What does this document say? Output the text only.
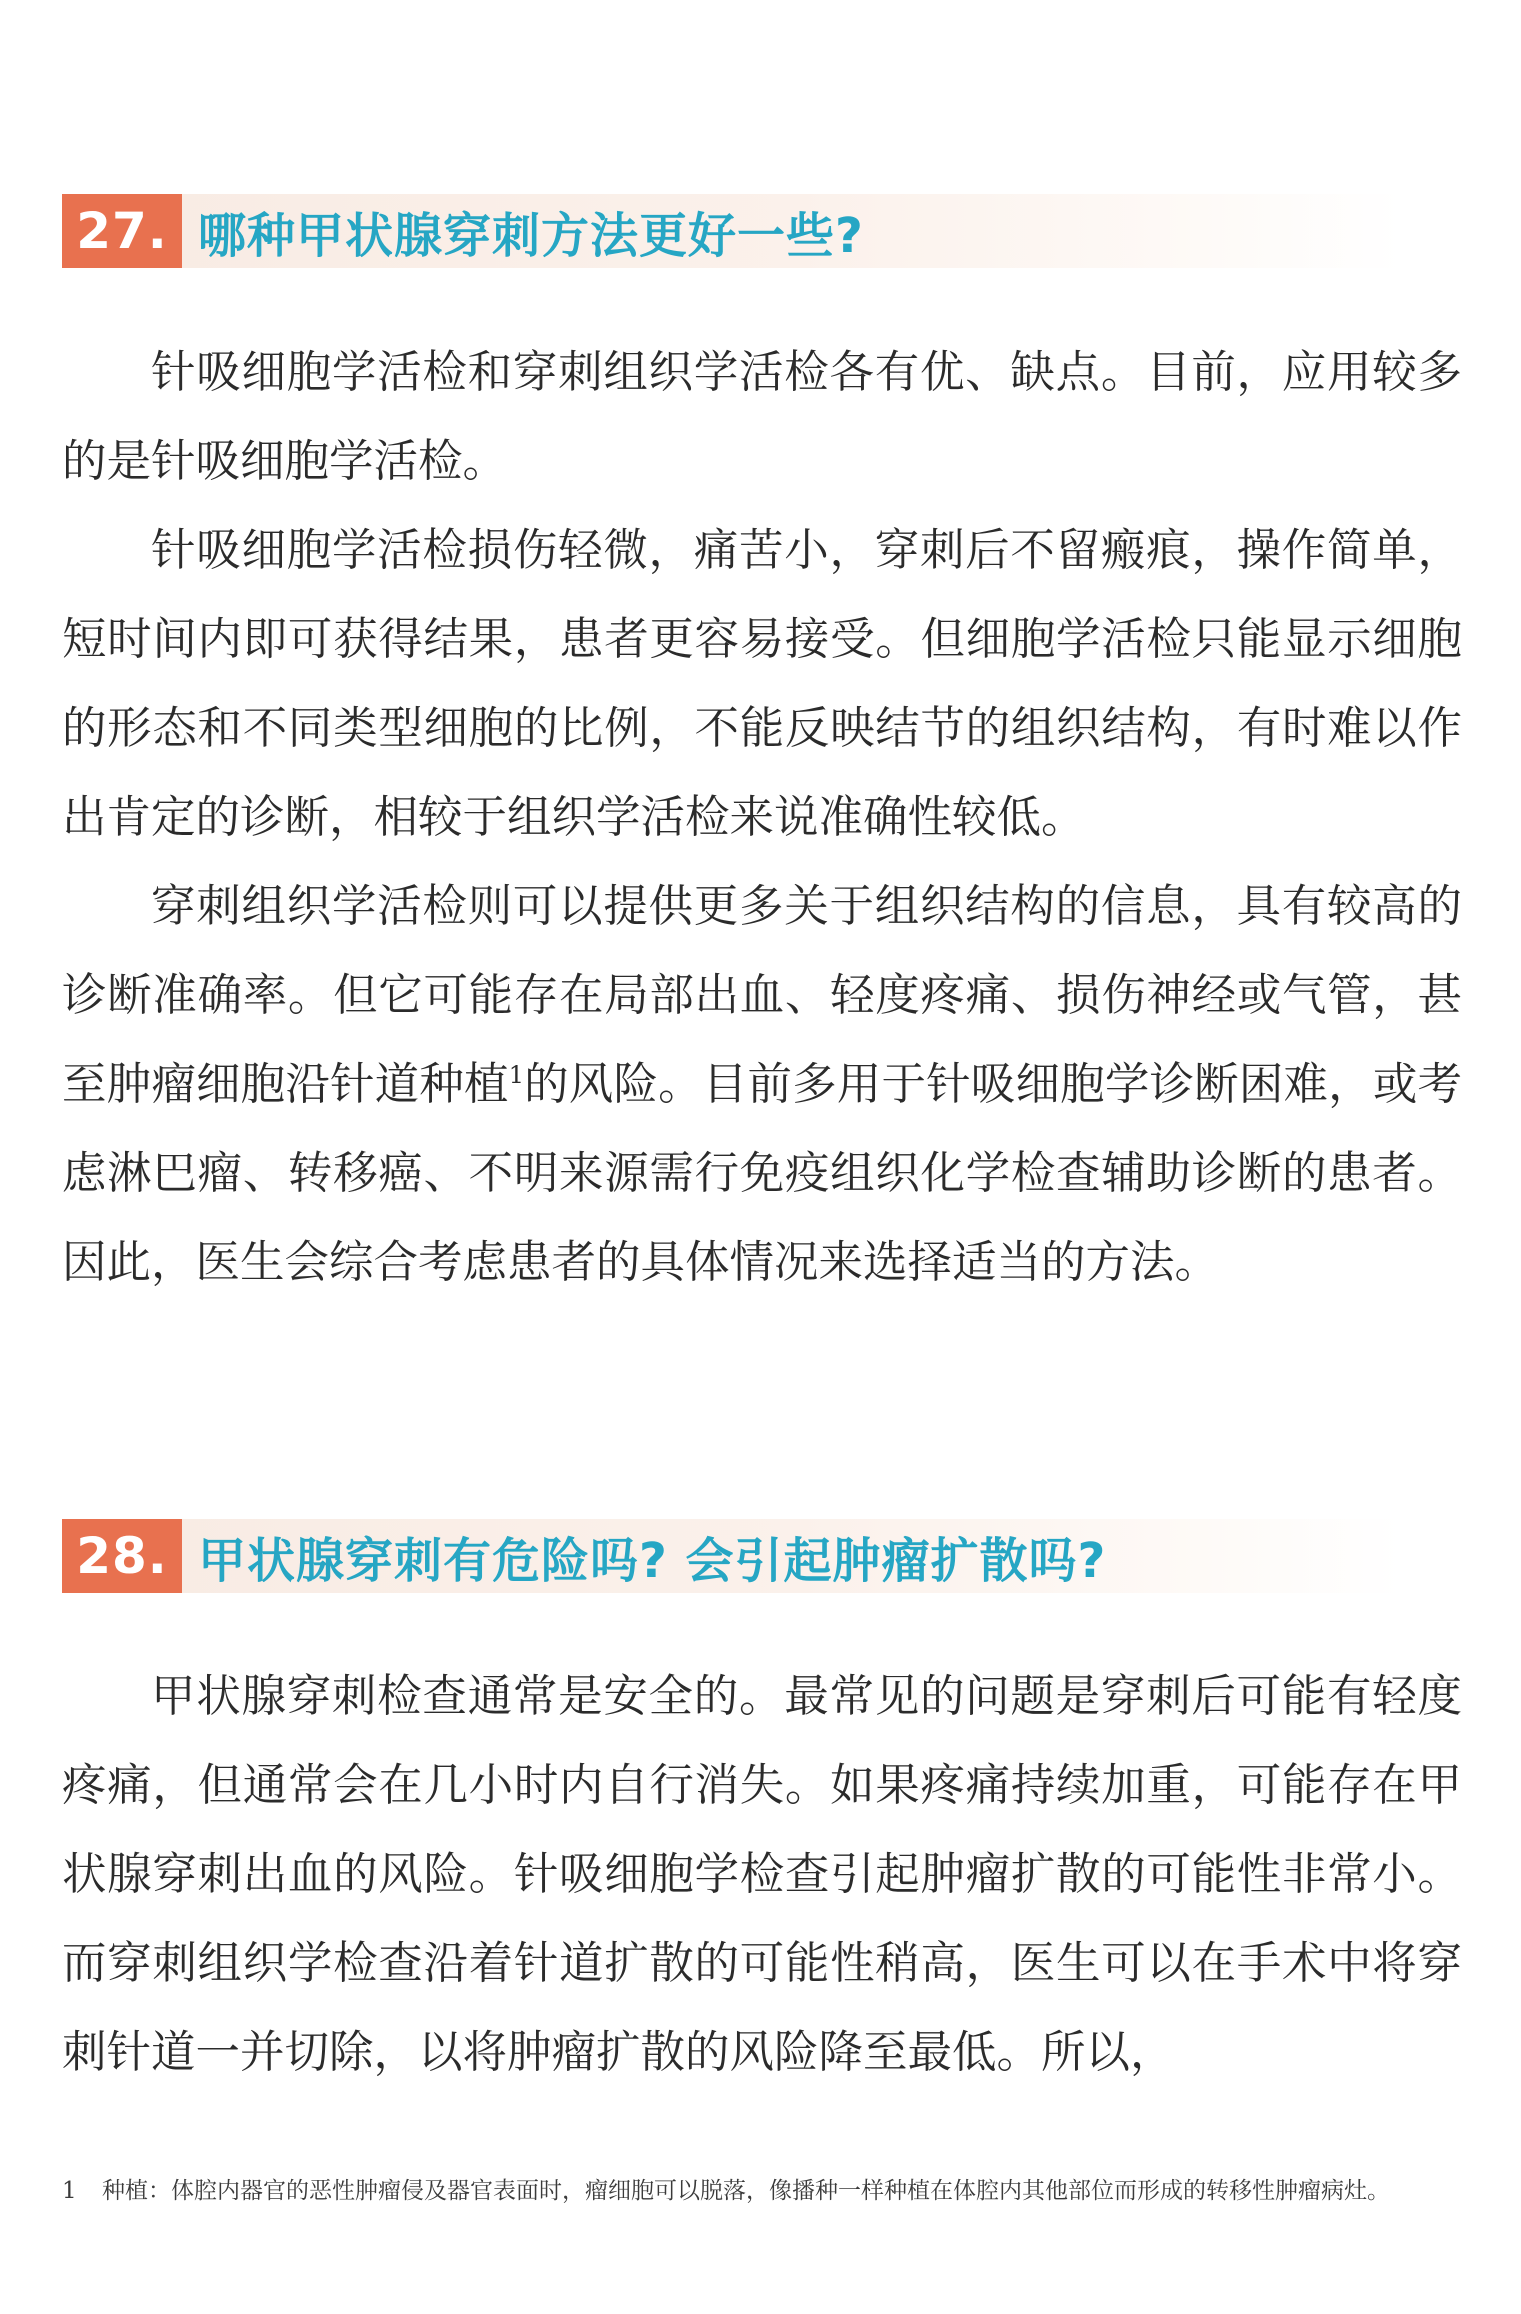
27. 哪种甲状腺穿刺方法更好一些?

针吸细胞学活检和穿刺组织学活检各有优、缺点。目前，应用较多的是针吸细胞学活检。

针吸细胞学活检损伤轻微，痛苦小，穿刺后不留瘢痕，操作简单，短时间内即可获得结果，患者更容易接受。但细胞学活检只能显示细胞的形态和不同类型细胞的比例，不能反映结节的组织结构，有时难以作出肯定的诊断，相较于组织学活检来说准确性较低。

穿刺组织学活检则可以提供更多关于组织结构的信息，具有较高的诊断准确率。但它可能存在局部出血、轻度疼痛、损伤神经或气管，甚至肿瘤细胞沿针道种植$^1$的风险。目前多用于针吸细胞学诊断困难，或考虑淋巴瘤、转移癌、不明来源需行免疫组织化学检查辅助诊断的患者。因此，医生会综合考虑患者的具体情况来选择适当的方法。

28. 甲状腺穿刺有危险吗? 会引起肿瘤扩散吗?

甲状腺穿刺检查通常是安全的。最常见的问题是穿刺后可能有轻度疼痛，但通常会在几小时内自行消失。如果疼痛持续加重，可能存在甲状腺穿刺出血的风险。针吸细胞学检查引起肿瘤扩散的可能性非常小。而穿刺组织学检查沿着针道扩散的可能性稍高，医生可以在手术中将穿刺针道一并切除，以将肿瘤扩散的风险降至最低。所以，

1 种植：体腔内器官的恶性肿瘤侵及器官表面时，瘤细胞可以脱落，像播种一样种植在体腔内其他部位而形成的转移性肿瘤病灶。
